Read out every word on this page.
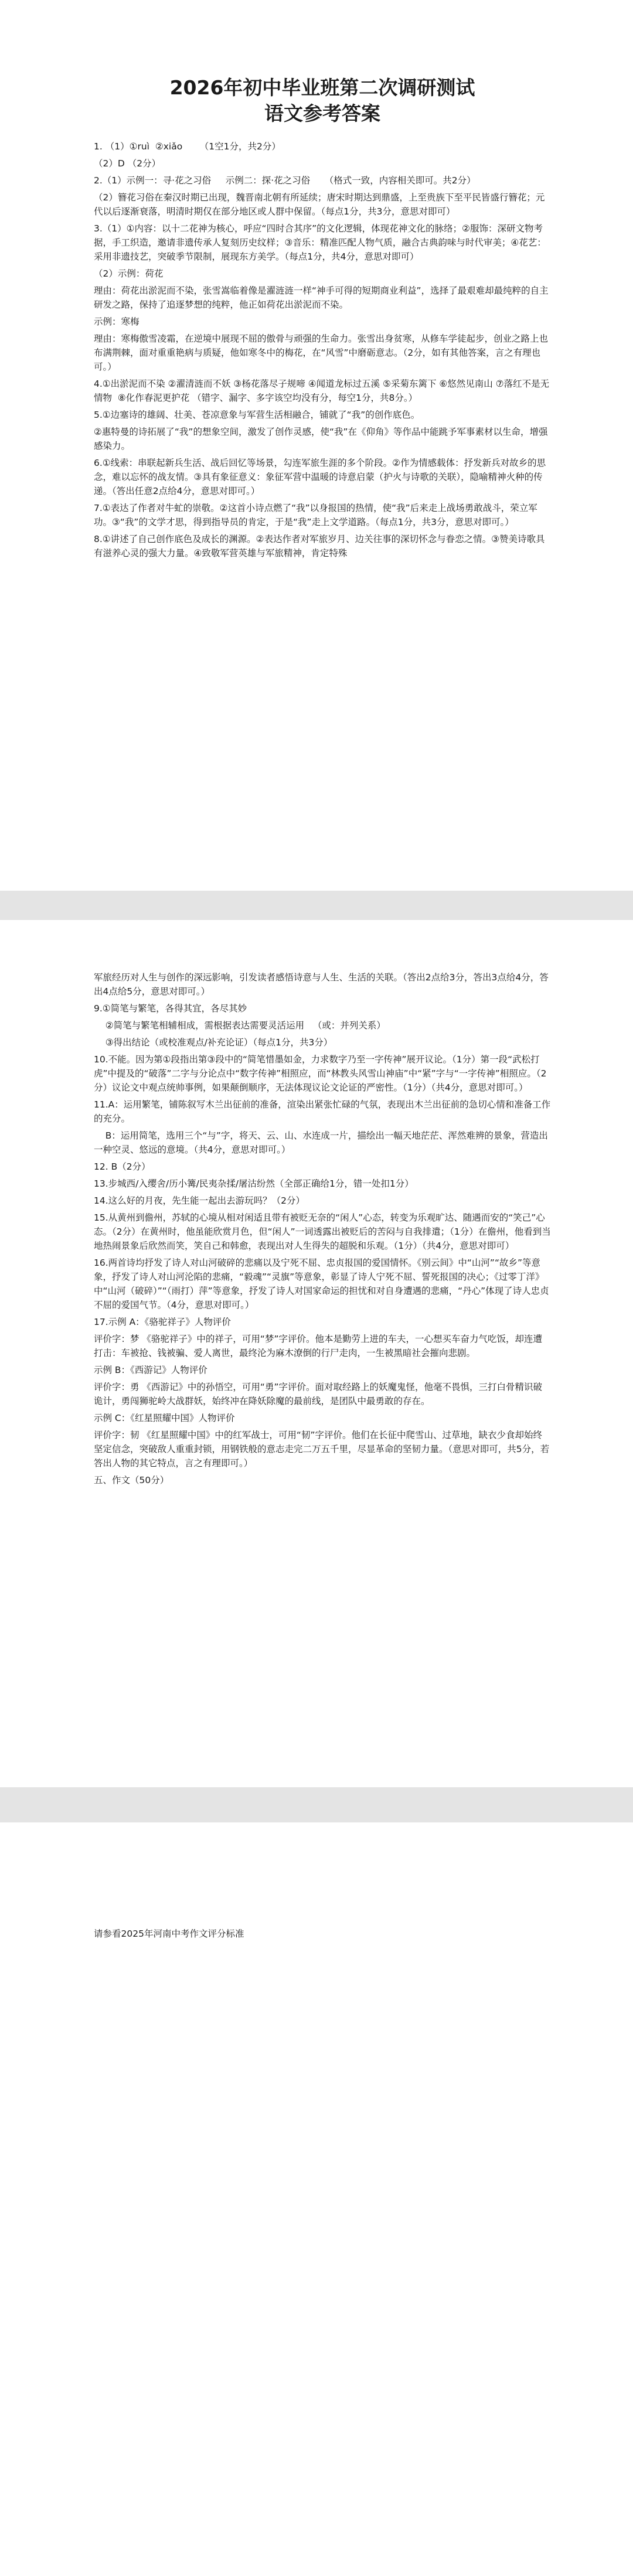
2026年初中毕业班第二次调研测试
语文参考答案

1. （1）①ruì  ②xiǎo      （1空1分，共2分）

（2）D （2分）

2.（1）示例一：寻·花之习俗     示例二：探·花之习俗     （格式一致，内容相关即可。共2分）

（2）簪花习俗在秦汉时期已出现，魏晋南北朝有所延续；唐宋时期达到鼎盛，上至贵族下至平民皆盛行簪花；元代以后逐渐衰落，明清时期仅在部分地区或人群中保留。（每点1分，共3分，意思对即可）

3.（1）①内容：以十二花神为核心，呼应“四时合其序”的文化逻辑，体现花神文化的脉络；②服饰：深研文物考据，手工织造，邀请非遗传承人复刻历史纹样；③音乐：精准匹配人物气质，融合古典韵味与时代审美；④花艺：采用非遗技艺，突破季节限制，展现东方美学。（每点1分，共4分，意思对即可）

（2）示例：荷花

理由：荷花出淤泥而不染，张雪嵩临着像是濯涟涟一样“神手可得的短期商业利益”，选择了最艰难却最纯粹的自主研发之路，保持了追逐梦想的纯粹，他正如荷花出淤泥而不染。

示例：寒梅

理由：寒梅傲雪凌霜，在逆境中展现不屈的傲骨与顽强的生命力。张雪出身贫寒，从修车学徒起步，创业之路上也布满荆棘，面对重重艳病与质疑，他如寒冬中的梅花，在“风雪”中磨砺意志。（2分，如有其他答案，言之有理也可。）

4.①出淤泥而不染 ②濯清涟而不妖 ③杨花落尽子规啼 ④闻道龙标过五溪 ⑤采菊东篱下 ⑥悠然见南山 ⑦落红不是无情物  ⑧化作春泥更护花 （错字、漏字、多字该空均没有分，每空1分，共8分。）

5.①边塞诗的雄阔、壮美、苍凉意象与军营生活相融合，铺就了“我”的创作底色。

②惠特曼的诗拓展了“我”的想象空间，激发了创作灵感，使“我”在《仰角》等作品中能跳予军事素材以生命，增强感染力。

6.①线索：串联起新兵生活、战后回忆等场景，勾连军旅生涯的多个阶段。②作为情感载体：抒发新兵对故乡的思念，难以忘怀的战友情。③具有象征意义：象征军营中温暖的诗意启蒙（护火与诗歌的关联），隐喻精神火种的传递。（答出任意2点给4分，意思对即可。）

7.①表达了作者对牛虻的崇敬。②这首小诗点燃了“我”以身报国的热情，使“我”后来走上战场勇敢战斗，荣立军功。③“我”的文学才思，得到指导员的肯定，于是“我”走上文学道路。（每点1分，共3分，意思对即可。）

8.①讲述了自己创作底色及成长的渊源。②表达作者对军旅岁月、边关往事的深切怀念与眷恋之情。③赞美诗歌具有滋养心灵的强大力量。④致敬军营英雄与军旅精神，肯定特殊

军旅经历对人生与创作的深远影响，引发读者感悟诗意与人生、生活的关联。（答出2点给3分，答出3点给4分，答出4点给5分，意思对即可。）

9.①简笔与繁笔，各得其宜，各尽其妙

②简笔与繁笔相辅相成，需根据表达需要灵活运用   （或：并列关系）

③得出结论（或校准观点/补充论证）（每点1分，共3分）

10.不能。因为第①段指出第③段中的“简笔惜墨如金，力求数字乃至一字传神”展开议论。（1分）第一段“武松打虎”中提及的“破落”二字与分论点中“数字传神”相照应，而“林教头风雪山神庙”中“紧”字与“一字传神”相照应。（2分）议论文中观点统帅事例，如果颠倒顺序，无法体现议论文论证的严密性。（1分）（共4分，意思对即可。）

11.A：运用繁笔，铺陈叙写木兰出征前的准备，渲染出紧张忙碌的气氛，表现出木兰出征前的急切心情和准备工作的充分。

B：运用简笔，选用三个“与”字，将天、云、山、水连成一片，描绘出一幅天地茫茫、浑然难辨的景象，营造出一种空灵、悠远的意境。（共4分，意思对即可。）

12. B（2分）

13.步城西/入缨舍/历小篝/民夷杂揉/屠沽纷然（全部正确给1分，错一处扣1分）

14.这么好的月夜，先生能一起出去游玩吗？（2分）

15.从黄州到儋州，苏轼的心境从相对闲适且带有被贬无奈的“闲人”心态，转变为乐观旷达、随遇而安的“笑己”心态。（2分）在黄州时，他虽能欣赏月色，但“闲人”一词透露出被贬后的苦闷与自我排遣；（1分）在儋州，他看到当地热闹景象后欣然而笑，笑自己和韩愈，表现出对人生得失的超脱和乐观。（1分）（共4分，意思对即可）

16.两首诗均抒发了诗人对山河破碎的悲痛以及宁死不屈、忠贞报国的爱国情怀。《别云间》中“山河”“故乡”等意象，抒发了诗人对山河沦陷的悲痛，“毅魂”“灵旗”等意象，彰显了诗人宁死不屈、誓死报国的决心；《过零丁洋》中“山河（破碎）”“（雨打）萍”等意象，抒发了诗人对国家命运的担忧和对自身遭遇的悲痛，“丹心”体现了诗人忠贞不屈的爱国气节。（4分，意思对即可。）

17.示例 A：《骆驼祥子》人物评价

评价字：梦 《骆驼祥子》中的祥子，可用“梦”字评价。他本是勤劳上进的车夫，一心想买车奋力气吃饭，却连遭打击：车被抢、钱被骗、爱人离世，最终沦为麻木潦倒的行尸走肉，一生被黑暗社会摧向悲剧。

示例 B：《西游记》人物评价

评价字：勇 《西游记》中的孙悟空，可用“勇”字评价。面对取经路上的妖魔鬼怪，他毫不畏惧，三打白骨精识破诡计，勇闯狮驼岭大战群妖，始终冲在降妖除魔的最前线，是团队中最勇敢的存在。

示例 C：《红星照耀中国》人物评价

评价字：韧 《红星照耀中国》中的红军战士，可用“韧”字评价。他们在长征中爬雪山、过草地，缺衣少食却始终坚定信念，突破敌人重重封锁，用钢铁般的意志走完二万五千里，尽显革命的坚韧力量。（意思对即可，共5分，若答出人物的其它特点，言之有理即可。）

五、作文（50分）

请参看2025年河南中考作文评分标准
